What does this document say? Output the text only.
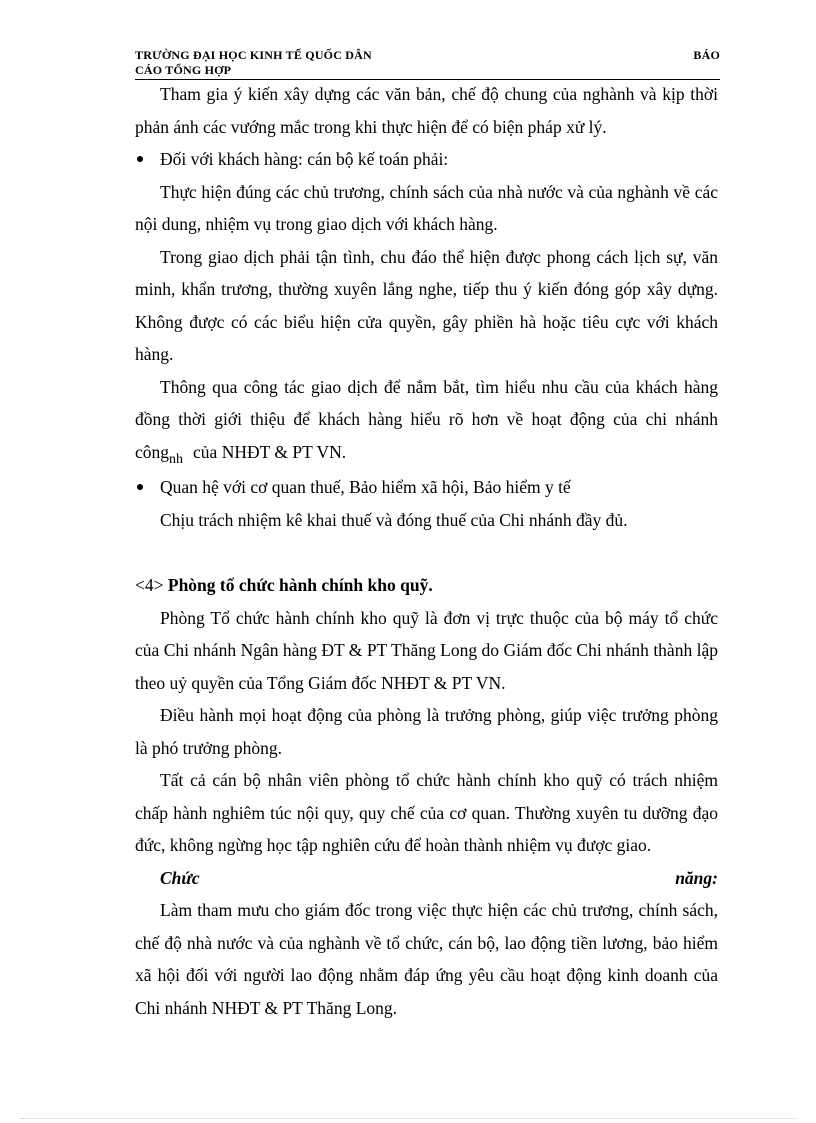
TRƯỜNG ĐẠI HỌC KINH TẾ QUỐC DÂN	BÁO
CÁO TỔNG HỢP

Tham gia ý kiến xây dựng các văn bản, chế độ chung của nghành và kịp thời phản ánh các vướng mắc trong khi thực hiện để có biện pháp xử lý.

Đối với khách hàng: cán bộ kế toán phải:

Thực hiện đúng các chủ trương, chính sách của nhà nước và của nghành về các nội dung, nhiệm vụ trong giao dịch với khách hàng.

Trong giao dịch phải tận tình, chu đáo thể hiện được phong cách lịch sự, văn minh, khẩn trương, thường xuyên lắng nghe, tiếp thu ý kiến đóng góp xây dựng. Không được có các biểu hiện cửa quyền, gây phiền hà hoặc tiêu cực với khách hàng.

Thông qua công tác giao dịch để nắm bắt, tìm hiểu nhu cầu của khách hàng đồng thời giới thiệu để khách hàng hiểu rõ hơn về hoạt động của chi nhánh công$_{nh}$ của NHĐT & PT VN.

Quan hệ với cơ quan thuế, Bảo hiểm xã hội, Bảo hiểm y tế

Chịu trách nhiệm kê khai thuế và đóng thuế của Chi nhánh đầy đủ.

<4> Phòng tổ chức hành chính kho quỹ.

Phòng Tổ chức hành chính kho quỹ là đơn vị trực thuộc của bộ máy tổ chức của Chi nhánh Ngân hàng ĐT & PT Thăng Long do Giám đốc Chi nhánh thành lập theo uỷ quyền của Tổng Giám đốc NHĐT & PT VN.

Điều hành mọi hoạt động của phòng là trưởng phòng, giúp việc trưởng phòng là phó trưởng phòng.

Tất cả cán bộ nhân viên phòng tổ chức hành chính kho quỹ có trách nhiệm chấp hành nghiêm túc nội quy, quy chế của cơ quan. Thường xuyên tu dưỡng đạo đức, không ngừng học tập nghiên cứu để hoàn thành nhiệm vụ được giao.

Chức	năng:

Làm tham mưu cho giám đốc trong việc thực hiện các chủ trương, chính sách, chế độ nhà nước và của nghành về tổ chức, cán bộ, lao động tiền lương, bảo hiểm xã hội đối với người lao động nhằm đáp ứng yêu cầu hoạt động kinh doanh của Chi nhánh NHĐT & PT Thăng Long.
